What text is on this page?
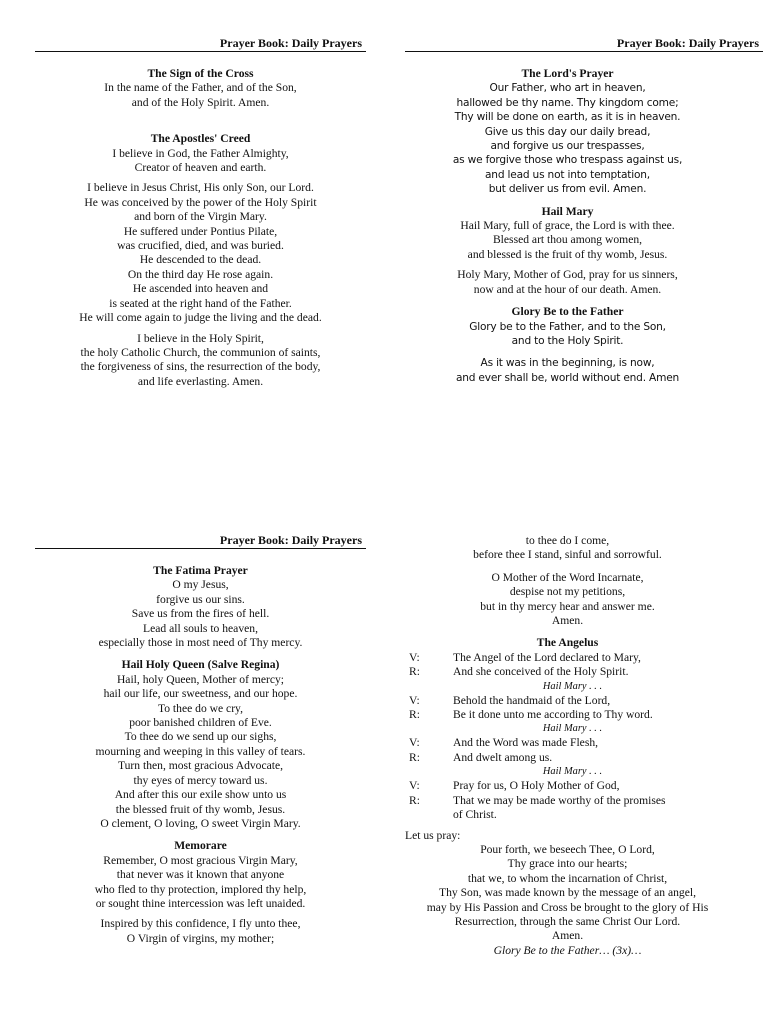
Prayer Book: Daily Prayers	Prayer Book: Daily Prayers
Prayer Book: Daily Prayers
The Sign of the Cross
In the name of the Father, and of the Son,
and of the Holy Spirit. Amen.
The Apostles' Creed
I believe in God, the Father Almighty,
Creator of heaven and earth.
I believe in Jesus Christ, His only Son, our Lord.
He was conceived by the power of the Holy Spirit
and born of the Virgin Mary.
He suffered under Pontius Pilate,
was crucified, died, and was buried.
He descended to the dead.
On the third day He rose again.
He ascended into heaven and
is seated at the right hand of the Father.
He will come again to judge the living and the dead.
I believe in the Holy Spirit,
the holy Catholic Church, the communion of saints,
the forgiveness of sins, the resurrection of the body,
and life everlasting. Amen.
The Lord's Prayer
Our Father, who art in heaven,
hallowed be thy name. Thy kingdom come;
Thy will be done on earth, as it is in heaven.
Give us this day our daily bread,
and forgive us our trespasses,
as we forgive those who trespass against us,
and lead us not into temptation,
but deliver us from evil. Amen.
Hail Mary
Hail Mary, full of grace, the Lord is with thee.
Blessed art thou among women,
and blessed is the fruit of thy womb, Jesus.
Holy Mary, Mother of God, pray for us sinners,
now and at the hour of our death. Amen.
Glory Be to the Father
Glory be to the Father, and to the Son,
and to the Holy Spirit.
As it was in the beginning, is now,
and ever shall be, world without end. Amen
The Fatima Prayer
O my Jesus,
forgive us our sins.
Save us from the fires of hell.
Lead all souls to heaven,
especially those in most need of Thy mercy.
Hail Holy Queen (Salve Regina)
Hail, holy Queen, Mother of mercy;
hail our life, our sweetness, and our hope.
To thee do we cry,
poor banished children of Eve.
To thee do we send up our sighs,
mourning and weeping in this valley of tears.
Turn then, most gracious Advocate,
thy eyes of mercy toward us.
And after this our exile show unto us
the blessed fruit of thy womb, Jesus.
O clement, O loving, O sweet Virgin Mary.
Memorare
Remember, O most gracious Virgin Mary,
that never was it known that anyone
who fled to thy protection, implored thy help,
or sought thine intercession was left unaided.
Inspired by this confidence, I fly unto thee,
O Virgin of virgins, my mother;
to thee do I come,
before thee I stand, sinful and sorrowful.
O Mother of the Word Incarnate,
despise not my petitions,
but in thy mercy hear and answer me.
Amen.
The Angelus
V:	The Angel of the Lord declared to Mary,
R:	And she conceived of the Holy Spirit.
Hail Mary . . .
V:	Behold the handmaid of the Lord,
R:	Be it done unto me according to Thy word.
Hail Mary . . .
V:	And the Word was made Flesh,
R:	And dwelt among us.
Hail Mary . . .
V:	Pray for us, O Holy Mother of God,
R:	That we may be made worthy of the promises
of Christ.
Let us pray:
Pour forth, we beseech Thee, O Lord,
Thy grace into our hearts;
that we, to whom the incarnation of Christ,
Thy Son, was made known by the message of an angel,
may by His Passion and Cross be brought to the glory of His
Resurrection, through the same Christ Our Lord.
Amen.
Glory Be to the Father… (3x)…
